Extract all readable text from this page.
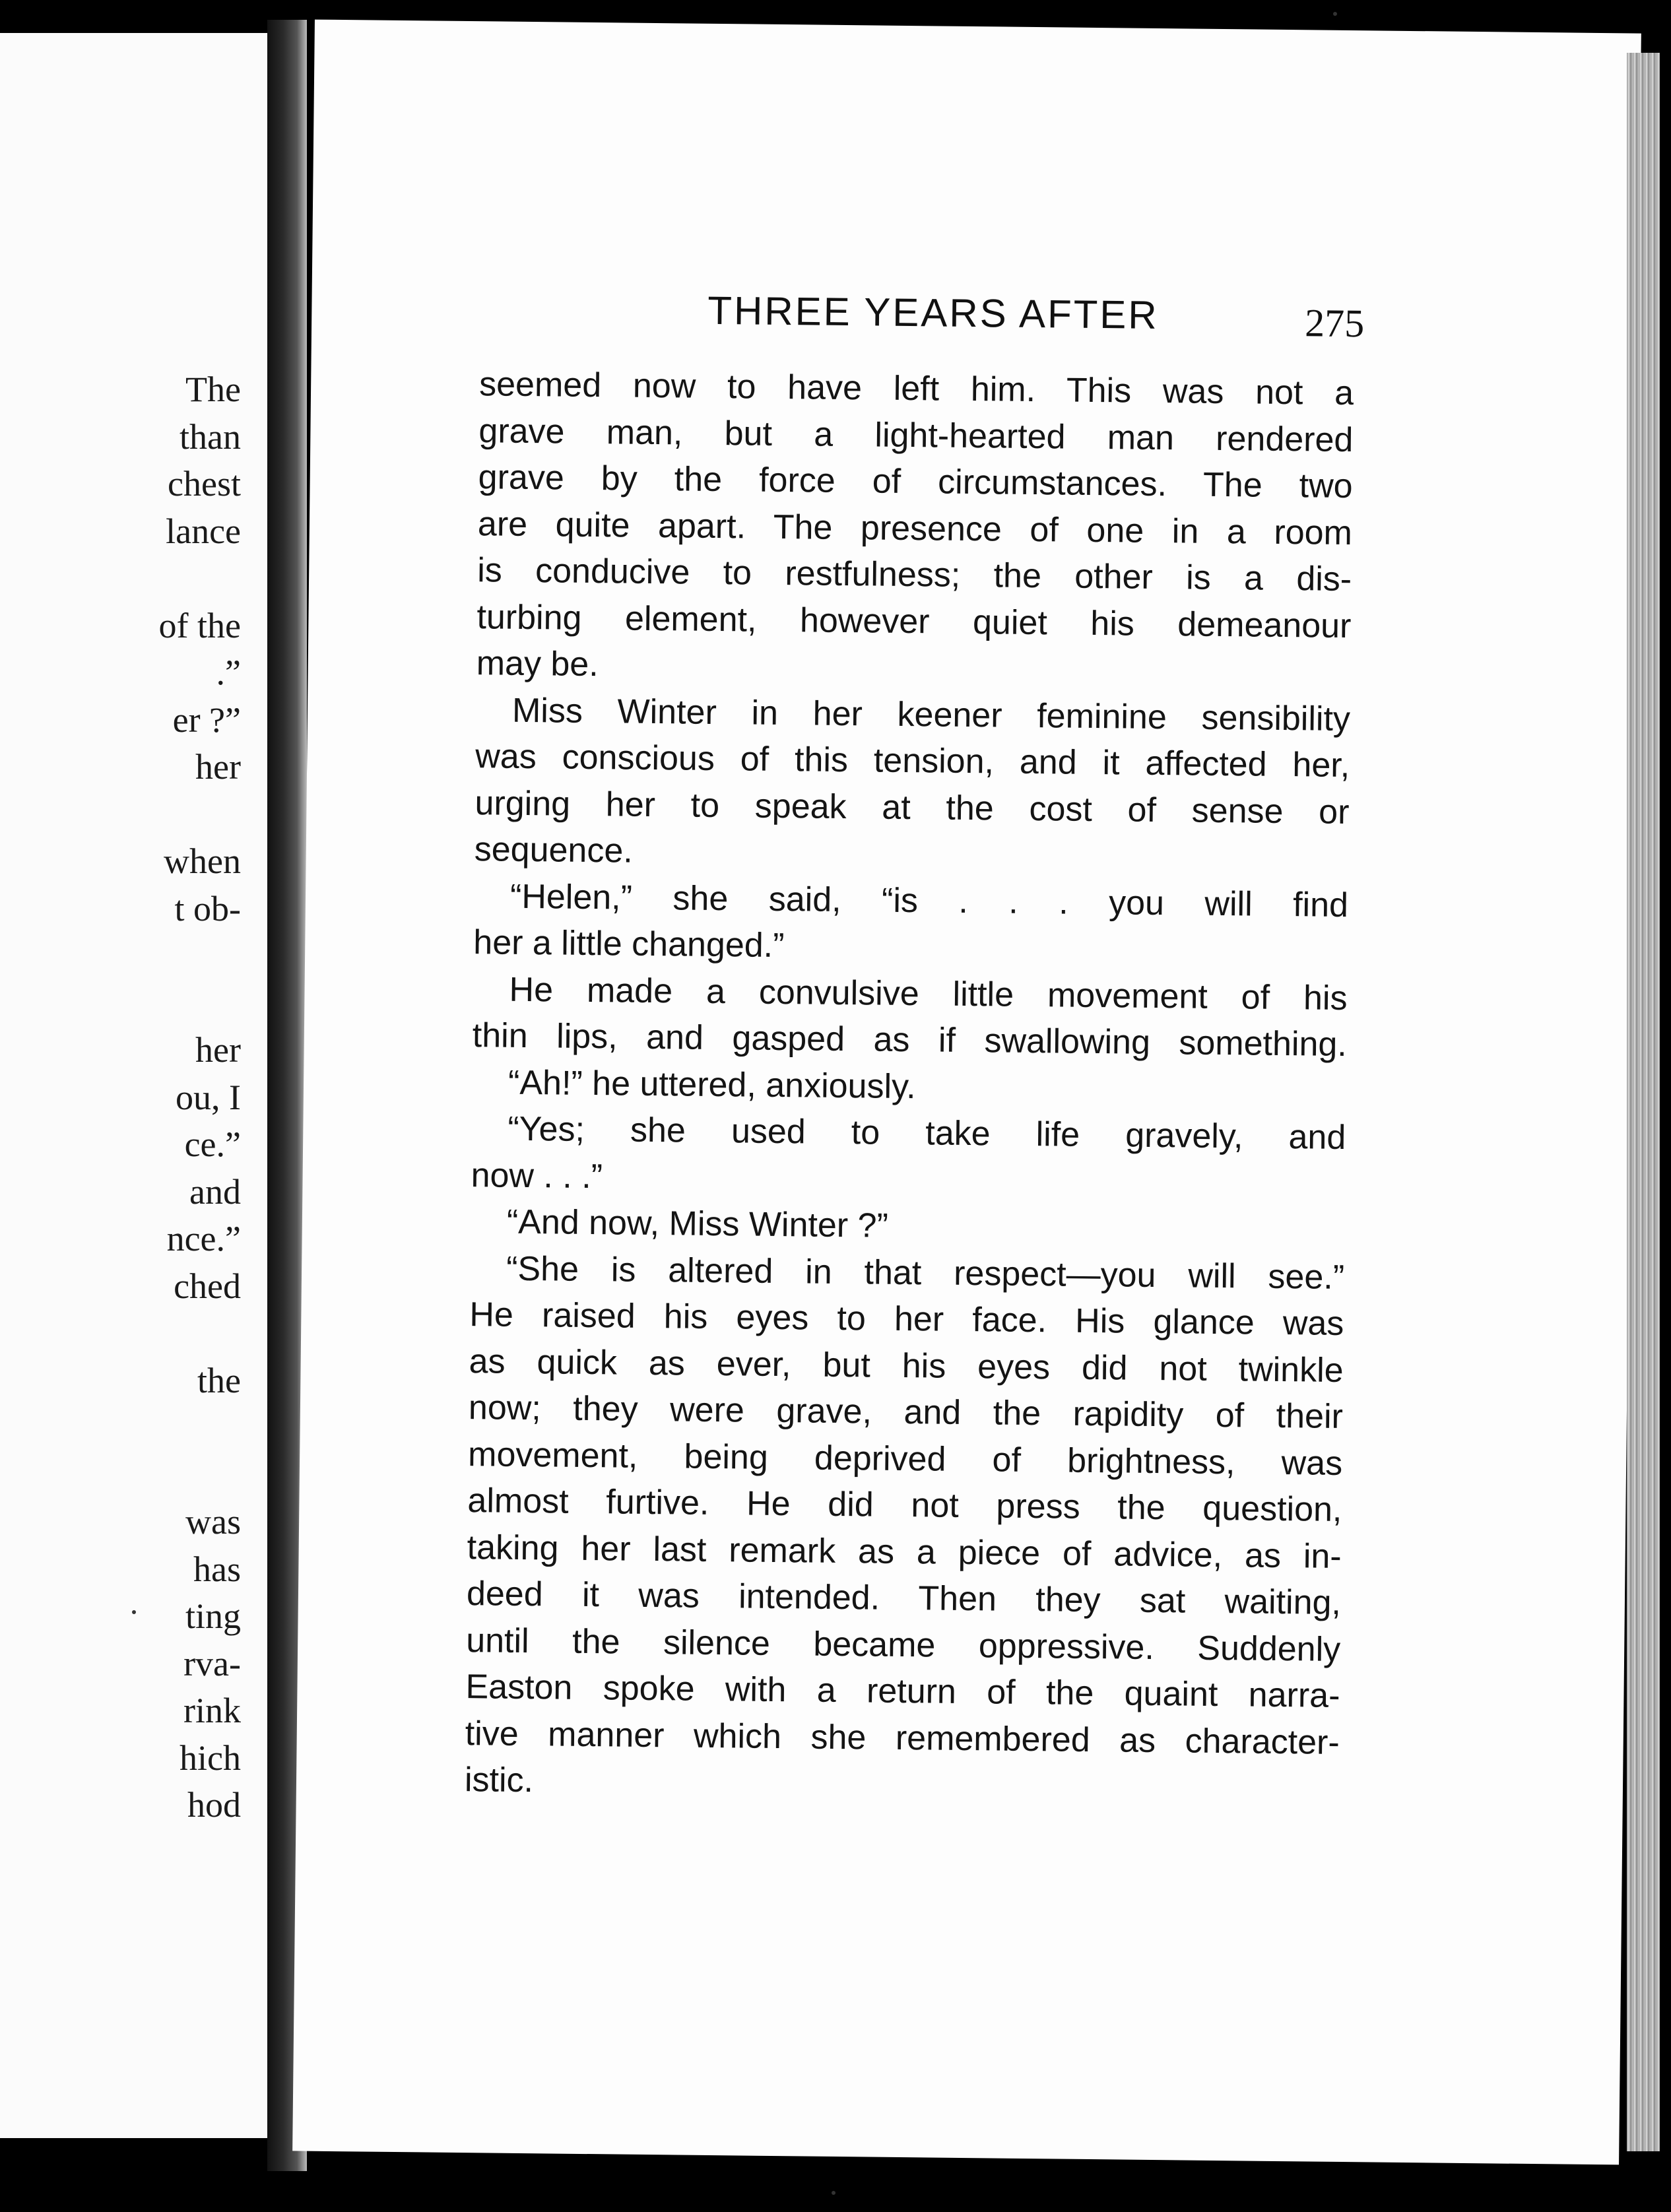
The
than
chest
lance
of the
.”
er ?”
her
when
t ob-
her
ou, I
ce.”
and
nce.”
ched
the
was
has
ting
rva-
rink
hich
hod
THREE YEARS AFTER	275
seemed now to have left him. This was not a
grave man, but a light-hearted man rendered
grave by the force of circumstances. The two
are quite apart. The presence of one in a room
is conducive to restfulness; the other is a dis-
turbing element, however quiet his demeanour
may be.
Miss Winter in her keener feminine sensibility
was conscious of this tension, and it affected her,
urging her to speak at the cost of sense or
sequence.
“Helen,” she said, “is . . . you will find
her a little changed.”
He made a convulsive little movement of his
thin lips, and gasped as if swallowing something.
“Ah!” he uttered, anxiously.
“Yes; she used to take life gravely, and
now . . .”
“And now, Miss Winter ?”
“She is altered in that respect—you will see.”
He raised his eyes to her face. His glance was
as quick as ever, but his eyes did not twinkle
now; they were grave, and the rapidity of their
movement, being deprived of brightness, was
almost furtive. He did not press the question,
taking her last remark as a piece of advice, as in-
deed it was intended. Then they sat waiting,
until the silence became oppressive. Suddenly
Easton spoke with a return of the quaint narra-
tive manner which she remembered as character-
istic.
